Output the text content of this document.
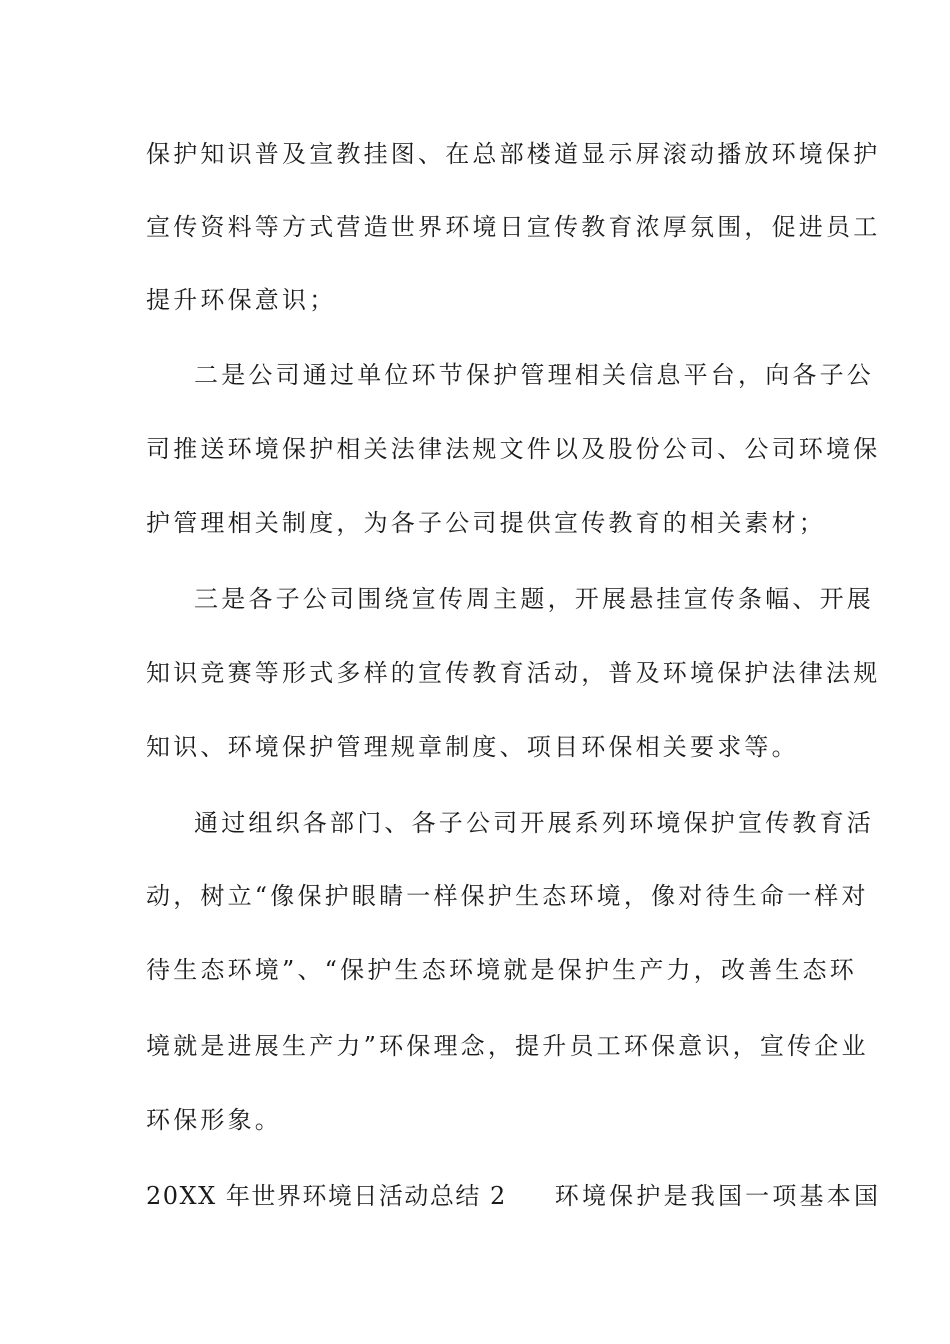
保护知识普及宣教挂图、在总部楼道显示屏滚动播放环境保护
宣传资料等方式营造世界环境日宣传教育浓厚氛围，促进员工
提升环保意识；
二是公司通过单位环节保护管理相关信息平台，向各子公
司推送环境保护相关法律法规文件以及股份公司、公司环境保
护管理相关制度，为各子公司提供宣传教育的相关素材；
三是各子公司围绕宣传周主题，开展悬挂宣传条幅、开展
知识竞赛等形式多样的宣传教育活动，普及环境保护法律法规
知识、环境保护管理规章制度、项目环保相关要求等。
通过组织各部门、各子公司开展系列环境保护宣传教育活
动，树立“像保护眼睛一样保护生态环境，像对待生命一样对
待生态环境”、“保护生态环境就是保护生产力，改善生态环
境就是进展生产力”环保理念，提升员工环保意识，宣传企业
环保形象。
20XX 年世界环境日活动总结 2 环境保护是我国一项基本国
